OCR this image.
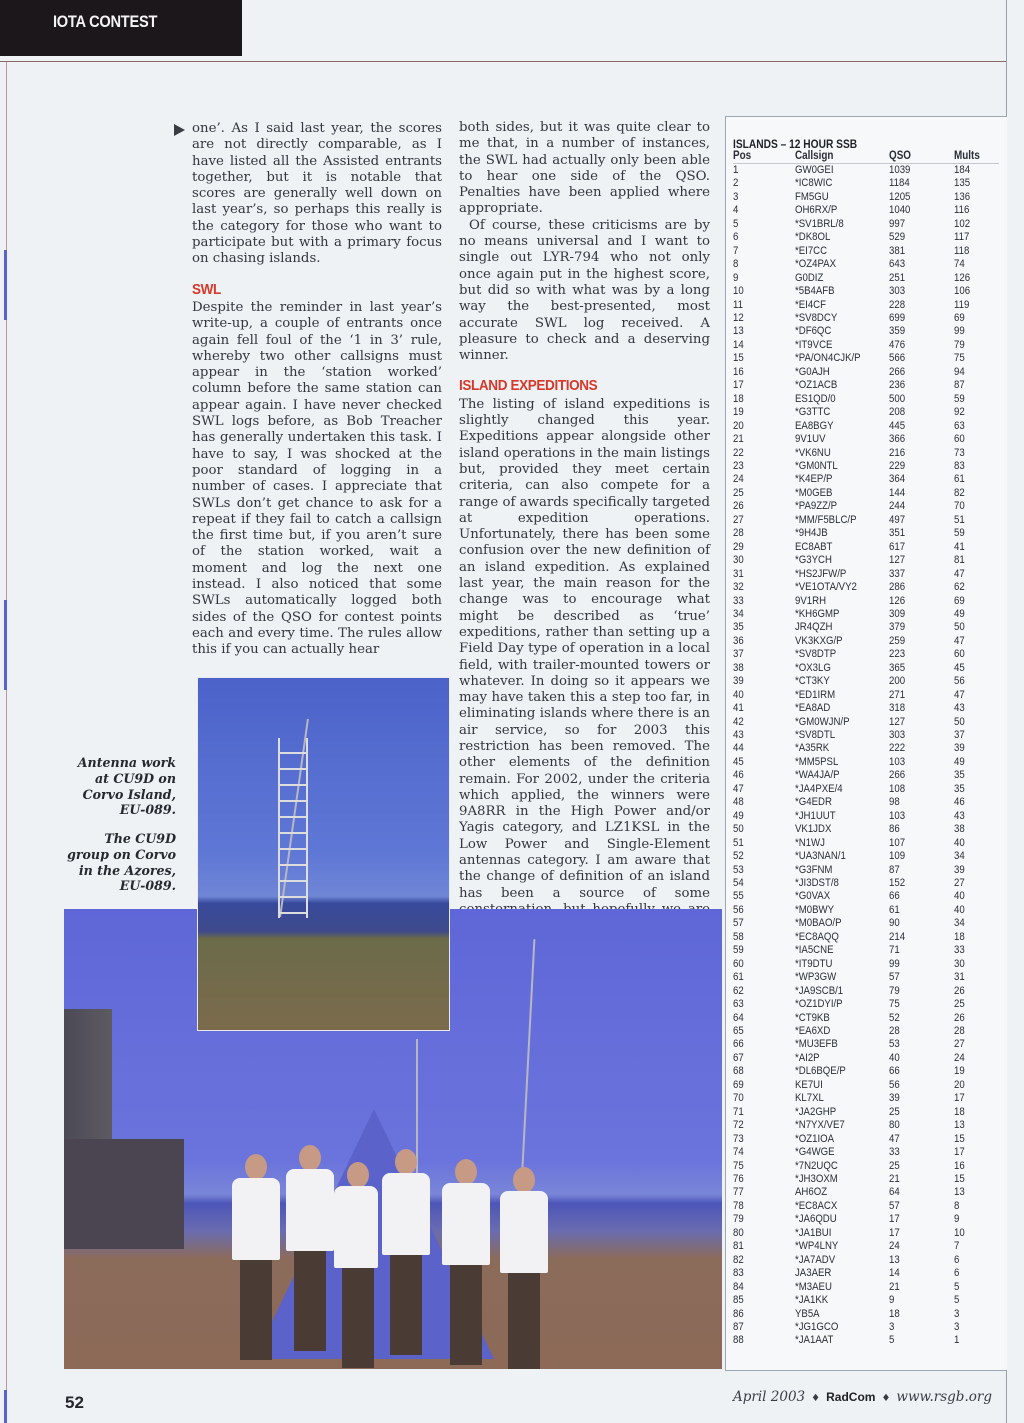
IOTA CONTEST

one’. As I said last year, the scores are not directly comparable, as I have listed all the Assisted entrants together, but it is notable that scores are generally well down on last year’s, so perhaps this really is the category for those who want to participate but with a primary focus on chasing islands.

SWL

Despite the reminder in last year’s write-up, a couple of entrants once again fell foul of the ‘1 in 3’ rule, whereby two other callsigns must appear in the ‘station worked’ column before the same station can appear again. I have never checked SWL logs before, as Bob Treacher has generally undertaken this task. I have to say, I was shocked at the poor standard of logging in a number of cases. I appreciate that SWLs don’t get chance to ask for a repeat if they fail to catch a callsign the first time but, if you aren’t sure of the station worked, wait a moment and log the next one instead. I also noticed that some SWLs automatically logged both sides of the QSO for contest points each and every time. The rules allow this if you can actually hear

both sides, but it was quite clear to me that, in a number of instances, the SWL had actually only been able to hear one side of the QSO. Penalties have been applied where appropriate.

Of course, these criticisms are by no means universal and I want to single out LYR-794 who not only once again put in the highest score, but did so with what was by a long way the best-presented, most accurate SWL log received. A pleasure to check and a deserving winner.

ISLAND EXPEDITIONS

The listing of island expeditions is slightly changed this year. Expeditions appear alongside other island operations in the main listings but, provided they meet certain criteria, can also compete for a range of awards specifically targeted at expedition operations. Unfortunately, there has been some confusion over the new definition of an island expedition. As explained last year, the main reason for the change was to encourage what might be described as ‘true’ expeditions, rather than setting up a Field Day type of operation in a local field, with trailer-mounted towers or whatever. In doing so it appears we may have taken this a step too far, in eliminating islands where there is an air service, so for 2003 this restriction has been removed. The other elements of the definition remain. For 2002, under the criteria which applied, the winners were 9A8RR in the High Power and/or Yagis category, and LZ1KSL in the Low Power and Single-Element antennas category. I am aware that the change of definition of an island has been a source of some

Antenna work at CU9D on Corvo Island, EU-089.
The CU9D group on Corvo in the Azores, EU-089.
ISLANDS – 12 HOUR SSB
Pos	Callsign	QSO	Mults
1	GW0GEI	1039	184
2	*IC8WIC	1184	135
3	FM5GU	1205	136
4	OH6RX/P	1040	116
5	*SV1BRL/8	997	102
6	*DK8OL	529	117
7	*EI7CC	381	118
8	*OZ4PAX	643	74
9	G0DIZ	251	126
10	*5B4AFB	303	106
11	*EI4CF	228	119
12	*SV8DCY	699	69
13	*DF6QC	359	99
14	*IT9VCE	476	79
15	*PA/ON4CJK/P	566	75
16	*G0AJH	266	94
17	*OZ1ACB	236	87
18	ES1QD/0	500	59
19	*G3TTC	208	92
20	EA8BGY	445	63
21	9V1UV	366	60
22	*VK6NU	216	73
23	*GM0NTL	229	83
24	*K4EP/P	364	61
25	*M0GEB	144	82
26	*PA9ZZ/P	244	70
27	*MM/F5BLC/P	497	51
28	*9H4JB	351	59
29	EC8ABT	617	41
30	*G3YCH	127	81
31	*HS2JFW/P	337	47
32	*VE1OTA/VY2	286	62
33	9V1RH	126	69
34	*KH6GMP	309	49
35	JR4QZH	379	50
36	VK3KXG/P	259	47
37	*SV8DTP	223	60
38	*OX3LG	365	45
39	*CT3KY	200	56
40	*ED1IRM	271	47
41	*EA8AD	318	43
42	*GM0WJN/P	127	50
43	*SV8DTL	303	37
44	*A35RK	222	39
45	*MM5PSL	103	49
46	*WA4JA/P	266	35
47	*JA4PXE/4	108	35
48	*G4EDR	98	46
49	*JH1UUT	103	43
50	VK1JDX	86	38
51	*N1WJ	107	40
52	*UA3NAN/1	109	34
53	*G3FNM	87	39
54	*JI3DST/8	152	27
55	*G0VAX	66	40
56	*M0BWY	61	40
57	*M0BAO/P	90	34
58	*EC8AQQ	214	18
59	*IA5CNE	71	33
60	*IT9DTU	99	30
61	*WP3GW	57	31
62	*JA9SCB/1	79	26
63	*OZ1DYI/P	75	25
64	*CT9KB	52	26
65	*EA6XD	28	28
66	*MU3EFB	53	27
67	*AI2P	40	24
68	*DL6BQE/P	66	19
69	KE7UI	56	20
70	KL7XL	39	17
71	*JA2GHP	25	18
72	*N7YX/VE7	80	13
73	*OZ1IOA	47	15
74	*G4WGE	33	17
75	*7N2UQC	25	16
76	*JH3OXM	21	15
77	AH6OZ	64	13
78	*EC8ACX	57	8
79	*JA6QDU	17	9
80	*JA1BUI	17	10
81	*WP4LNY	24	7
82	*JA7ADV	13	6
83	JA3AER	14	6
84	*M3AEU	21	5
85	*JA1KK	9	5
86	YB5A	18	3
87	*JG1GCO	3	3
88	*JA1AAT	5	1
52	April 2003 ♦ RadCom ♦ www.rsgb.org
